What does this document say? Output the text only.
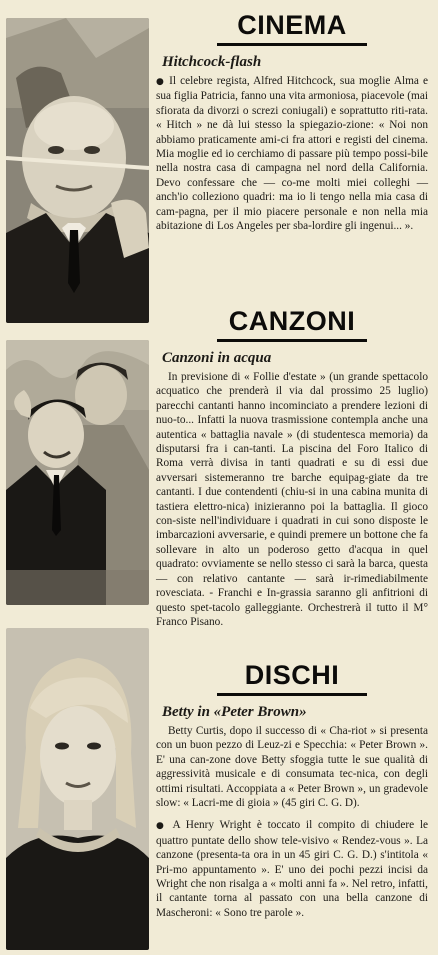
CINEMA
Hitchcock-flash

● Il celebre regista, Alfred Hitchcock, sua moglie Alma e sua figlia Patricia, fanno una vita armoniosa, piacevole (mai sfiorata da divorzi o screzi coniugali) e soprattutto riti-rata. « Hitch » ne dà lui stesso la spiegazio-zione: « Noi non abbiamo praticamente ami-ci fra attori e registi del cinema. Mia moglie ed io cerchiamo di passare più tempo possi-bile nella nostra casa di campagna nel nord della California. Devo confessare che — co-me molti miei colleghi — anch'io colleziono quadri: ma io li tengo nella mia casa di cam-pagna, per il mio piacere personale e non nella mia abitazione di Los Angeles per sba-lordire gli ingenui... ».

CANZONI
Canzoni in acqua

In previsione di « Follie d'estate » (un grande spettacolo acquatico che prenderà il via dal prossimo 25 luglio) parecchi cantanti hanno incominciato a prendere lezioni di nuo-to... Infatti la nuova trasmissione contempla anche una autentica « battaglia navale » (di studentesca memoria) da disputarsi fra i can-tanti. La piscina del Foro Italico di Roma verrà divisa in tanti quadrati e su di essi due avversari sistemeranno tre barche equipag-giate da tre cantanti. I due contendenti (chiu-si in una cabina munita di tastiera elettro-nica) inizieranno poi la battaglia. Il gioco con-siste nell'individuare i quadrati in cui sono disposte le imbarcazioni avversarie, e quindi premere un bottone che fa sollevare in alto un poderoso getto d'acqua in quel quadrato: ovviamente se nello stesso ci sarà la barca, questa — con relativo cantante — sarà ir-rimediabilmente rovesciata. - Franchi e In-grassia saranno gli anfitrioni di questo spet-tacolo galleggiante. Orchestrerà il tutto il M° Franco Pisano.

DISCHI
Betty in «Peter Brown»

Betty Curtis, dopo il successo di « Cha-riot » si presenta con un buon pezzo di Leuz-zi e Specchia: « Peter Brown ». E' una can-zone dove Betty sfoggia tutte le sue qualità di aggressività musicale e di consumata tec-nica, con degli ottimi risultati. Accoppiata a « Peter Brown », un gradevole slow: « Lacri-me di gioia » (45 giri C. G. D).

● A Henry Wright è toccato il compito di chiudere le quattro puntate dello show tele-visivo « Rendez-vous ». La canzone (presenta-ta ora in un 45 giri C. G. D.) s'intitola « Pri-mo appuntamento ». E' uno dei pochi pezzi incisi da Wright che non risalga a « molti anni fa ». Nel retro, infatti, il cantante torna al passato con una bella canzone di Mascheroni: « Sono tre parole ».
